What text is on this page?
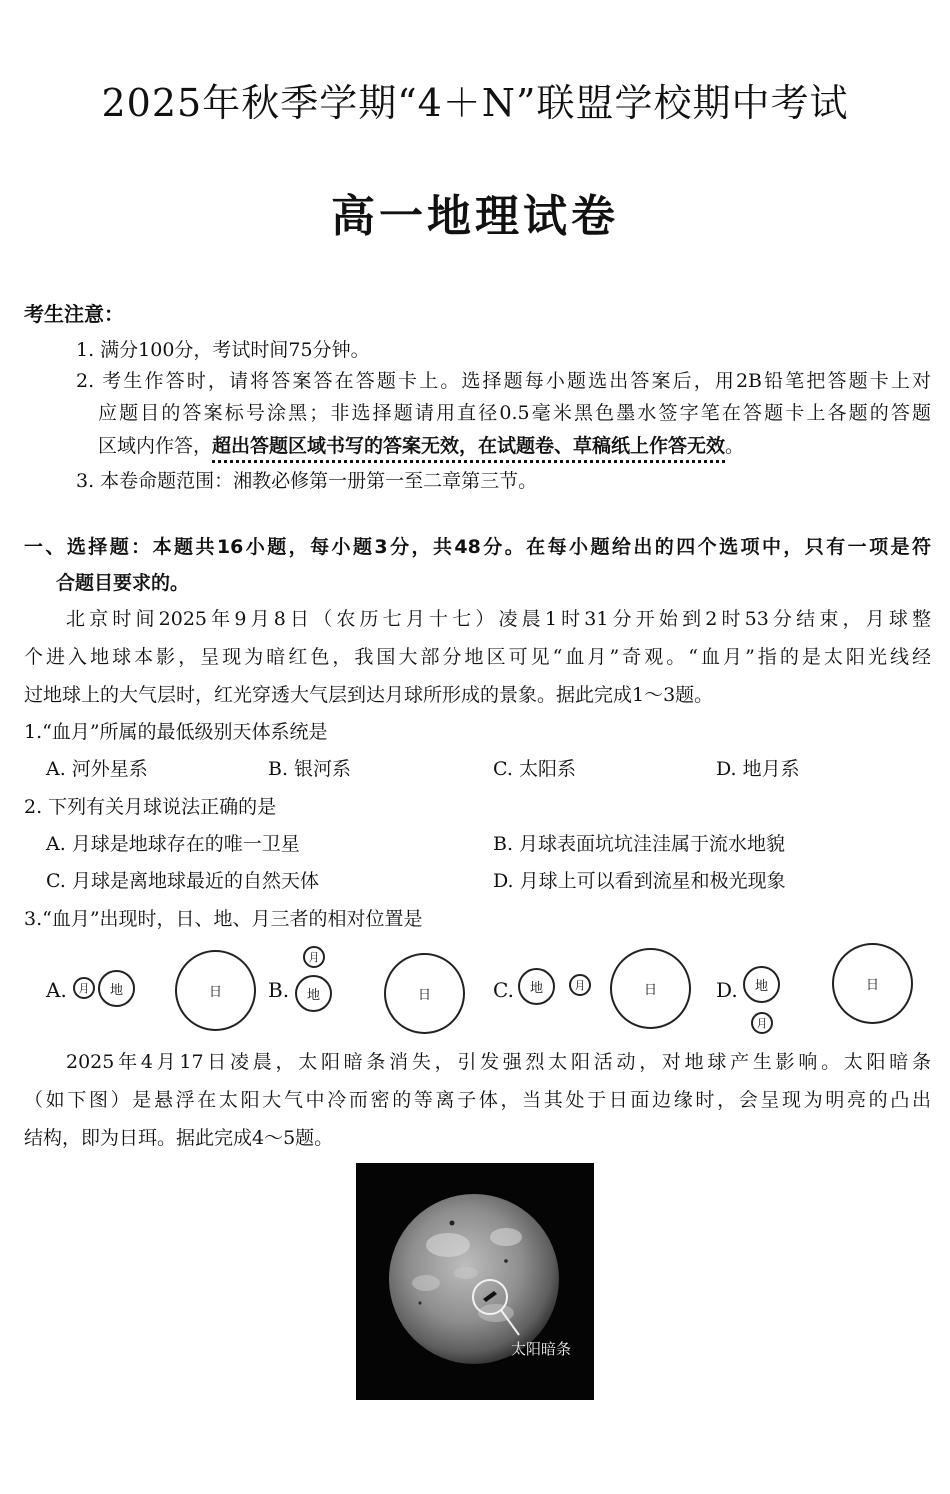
2025年秋季学期“4＋N”联盟学校期中考试
高一地理试卷
考生注意：
1. 满分100分，考试时间75分钟。
2. 考生作答时，请将答案答在答题卡上。选择题每小题选出答案后，用2B铅笔把答题卡上对
应题目的答案标号涂黑；非选择题请用直径0.5毫米黑色墨水签字笔在答题卡上各题的答题
区域内作答，超出答题区域书写的答案无效，在试题卷、草稿纸上作答无效。
3. 本卷命题范围：湘教必修第一册第一至二章第三节。
一、选择题：本题共16小题，每小题3分，共48分。在每小题给出的四个选项中，只有一项是符
合题目要求的。
北京时间2025年9月8日（农历七月十七）凌晨1时31分开始到2时53分结束，月球整
个进入地球本影，呈现为暗红色，我国大部分地区可见“血月”奇观。“血月”指的是太阳光线经
过地球上的大气层时，红光穿透大气层到达月球所形成的景象。据此完成1～3题。
1.“血月”所属的最低级别天体系统是
A. 河外星系	B. 银河系	C. 太阳系	D. 地月系
2. 下列有关月球说法正确的是
A. 月球是地球存在的唯一卫星	B. 月球表面坑坑洼洼属于流水地貌
C. 月球是离地球最近的自然天体	D. 月球上可以看到流星和极光现象
3.“血月”出现时，日、地、月三者的相对位置是
A.	月	地	日	B.
月
地	日	C.	地	月	日	D.	地
月
日
2025年4月17日凌晨，太阳暗条消失，引发强烈太阳活动，对地球产生影响。太阳暗条
（如下图）是悬浮在太阳大气中冷而密的等离子体，当其处于日面边缘时，会呈现为明亮的凸出
结构，即为日珥。据此完成4～5题。
太阳暗条
